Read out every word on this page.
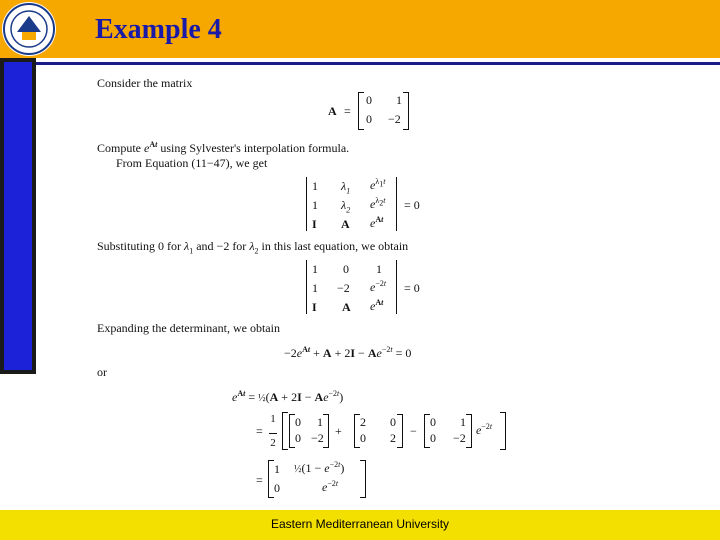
Example 4
Consider the matrix
A =
0 1
0 −2
Compute $e^{At}$ using Sylvester's interpolation formula.
From Equation (11−47), we get
1 $\lambda_1$ $e^{\lambda_1t}$
1 $\lambda_2$ $e^{\lambda_2t}$
I A $e^{At}$
= 0
Substituting 0 for $\lambda_1$ and −2 for $\lambda_2$ in this last equation, we obtain
1 0 1
1 −2 $e^{-2t}$
I A $e^{At}$
= 0
Expanding the determinant, we obtain
$-2e^{At} + A + 2I - Ae^{-2t} = 0$
or
$e^{At}$ = ½(A + $2I - Ae^{-2t}$)
=
1

2
0 1
0 −2 +
2 0
0 2 −
0 1
0 −2
$e^{-2t}$
=
1 ½(1 − $e^{-2t}$)
0	$e^{-2t}$
Eastern Mediterranean University
